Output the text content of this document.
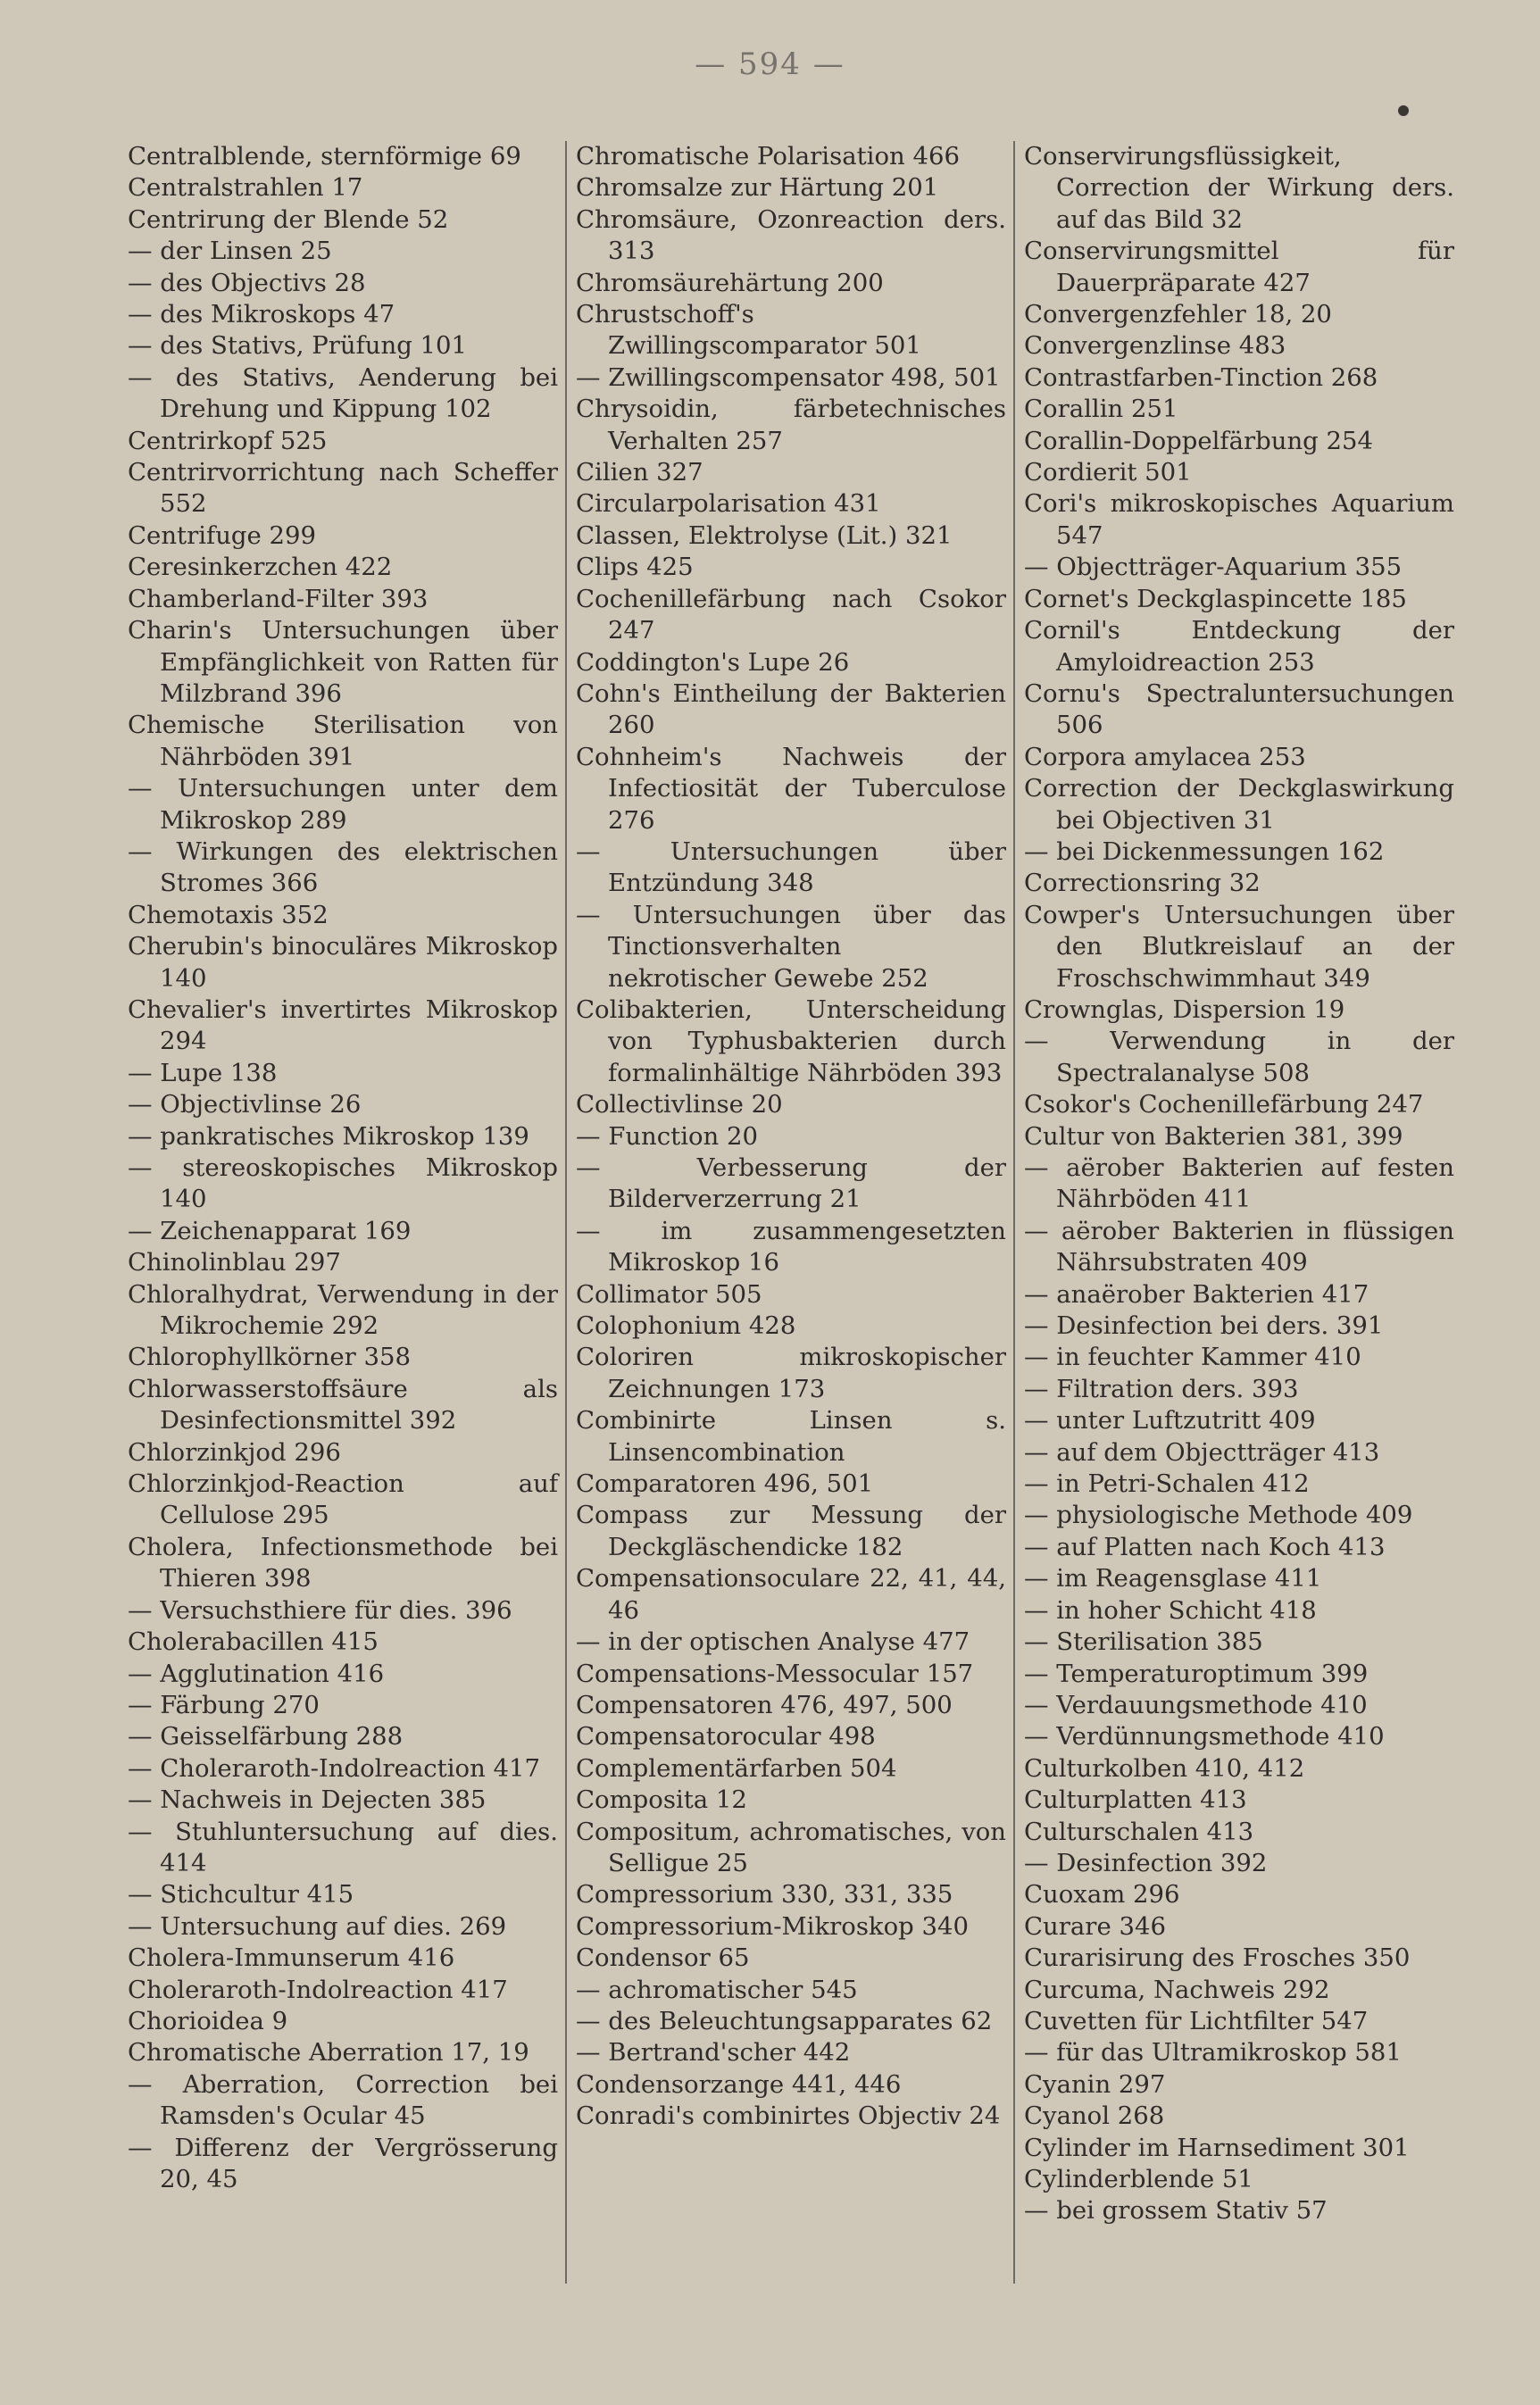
— 594 —

Centralblende, sternförmige 69

Centralstrahlen 17

Centrirung der Blende 52

— der Linsen 25

— des Objectivs 28

— des Mikroskops 47

— des Stativs, Prüfung 101

— des Stativs, Aenderung bei Drehung und Kippung 102

Centrirkopf 525

Centrirvorrichtung nach Scheffer 552

Centrifuge 299

Ceresinkerzchen 422

Chamberland-Filter 393

Charin's Untersuchungen über Empfänglichkeit von Ratten für Milzbrand 396

Chemische Sterilisation von Nährböden 391

— Untersuchungen unter dem Mikroskop 289

— Wirkungen des elektrischen Stromes 366

Chemotaxis 352

Cherubin's binoculäres Mikroskop 140

Chevalier's invertirtes Mikroskop 294

— Lupe 138

— Objectivlinse 26

— pankratisches Mikroskop 139

— stereoskopisches Mikroskop 140

— Zeichenapparat 169

Chinolinblau 297

Chloralhydrat, Verwendung in der Mikrochemie 292

Chlorophyllkörner 358

Chlorwasserstoffsäure als Desinfectionsmittel 392

Chlorzinkjod 296

Chlorzinkjod-Reaction auf Cellulose 295

Cholera, Infectionsmethode bei Thieren 398

— Versuchsthiere für dies. 396

Cholerabacillen 415

— Agglutination 416

— Färbung 270

— Geisselfärbung 288

— Choleraroth-Indolreaction 417

— Nachweis in Dejecten 385

— Stuhluntersuchung auf dies. 414

— Stichcultur 415

— Untersuchung auf dies. 269

Cholera-Immunserum 416

Choleraroth-Indolreaction 417

Chorioidea 9

Chromatische Aberration 17, 19

— Aberration, Correction bei Ramsden's Ocular 45

— Differenz der Vergrösserung 20, 45

Chromatische Polarisation 466

Chromsalze zur Härtung 201

Chromsäure, Ozonreaction ders. 313

Chromsäurehärtung 200

Chrustschoff's Zwillingscomparator 501

— Zwillingscompensator 498, 501

Chrysoidin, färbetechnisches Verhalten 257

Cilien 327

Circularpolarisation 431

Classen, Elektrolyse (Lit.) 321

Clips 425

Cochenillefärbung nach Csokor 247

Coddington's Lupe 26

Cohn's Eintheilung der Bakterien 260

Cohnheim's Nachweis der Infectiosität der Tuberculose 276

— Untersuchungen über Entzündung 348

— Untersuchungen über das Tinctionsverhalten nekrotischer Gewebe 252

Colibakterien, Unterscheidung von Typhusbakterien durch formalinhältige Nährböden 393

Collectivlinse 20

— Function 20

— Verbesserung der Bilderverzerrung 21

— im zusammengesetzten Mikroskop 16

Collimator 505

Colophonium 428

Coloriren mikroskopischer Zeichnungen 173

Combinirte Linsen s. Linsencombination

Comparatoren 496, 501

Compass zur Messung der Deckgläschendicke 182

Compensationsoculare 22, 41, 44, 46

— in der optischen Analyse 477

Compensations-Messocular 157

Compensatoren 476, 497, 500

Compensatorocular 498

Complementärfarben 504

Composita 12

Compositum, achromatisches, von Selligue 25

Compressorium 330, 331, 335

Compressorium-Mikroskop 340

Condensor 65

— achromatischer 545

— des Beleuchtungsapparates 62

— Bertrand'scher 442

Condensorzange 441, 446

Conradi's combinirtes Objectiv 24

Conservirungsflüssigkeit, Correction der Wirkung ders. auf das Bild 32

Conservirungsmittel für Dauerpräparate 427

Convergenzfehler 18, 20

Convergenzlinse 483

Contrastfarben-Tinction 268

Corallin 251

Corallin-Doppelfärbung 254

Cordierit 501

Cori's mikroskopisches Aquarium 547

— Objectträger-Aquarium 355

Cornet's Deckglaspincette 185

Cornil's Entdeckung der Amyloidreaction 253

Cornu's Spectraluntersuchungen 506

Corpora amylacea 253

Correction der Deckglaswirkung bei Objectiven 31

— bei Dickenmessungen 162

Correctionsring 32

Cowper's Untersuchungen über den Blutkreislauf an der Froschschwimmhaut 349

Crownglas, Dispersion 19

— Verwendung in der Spectralanalyse 508

Csokor's Cochenillefärbung 247

Cultur von Bakterien 381, 399

— aërober Bakterien auf festen Nährböden 411

— aërober Bakterien in flüssigen Nährsubstraten 409

— anaërober Bakterien 417

— Desinfection bei ders. 391

— in feuchter Kammer 410

— Filtration ders. 393

— unter Luftzutritt 409

— auf dem Objectträger 413

— in Petri-Schalen 412

— physiologische Methode 409

— auf Platten nach Koch 413

— im Reagensglase 411

— in hoher Schicht 418

— Sterilisation 385

— Temperaturoptimum 399

— Verdauungsmethode 410

— Verdünnungsmethode 410

Culturkolben 410, 412

Culturplatten 413

Culturschalen 413

— Desinfection 392

Cuoxam 296

Curare 346

Curarisirung des Frosches 350

Curcuma, Nachweis 292

Cuvetten für Lichtfilter 547

— für das Ultramikroskop 581

Cyanin 297

Cyanol 268

Cylinder im Harnsediment 301

Cylinderblende 51

— bei grossem Stativ 57
